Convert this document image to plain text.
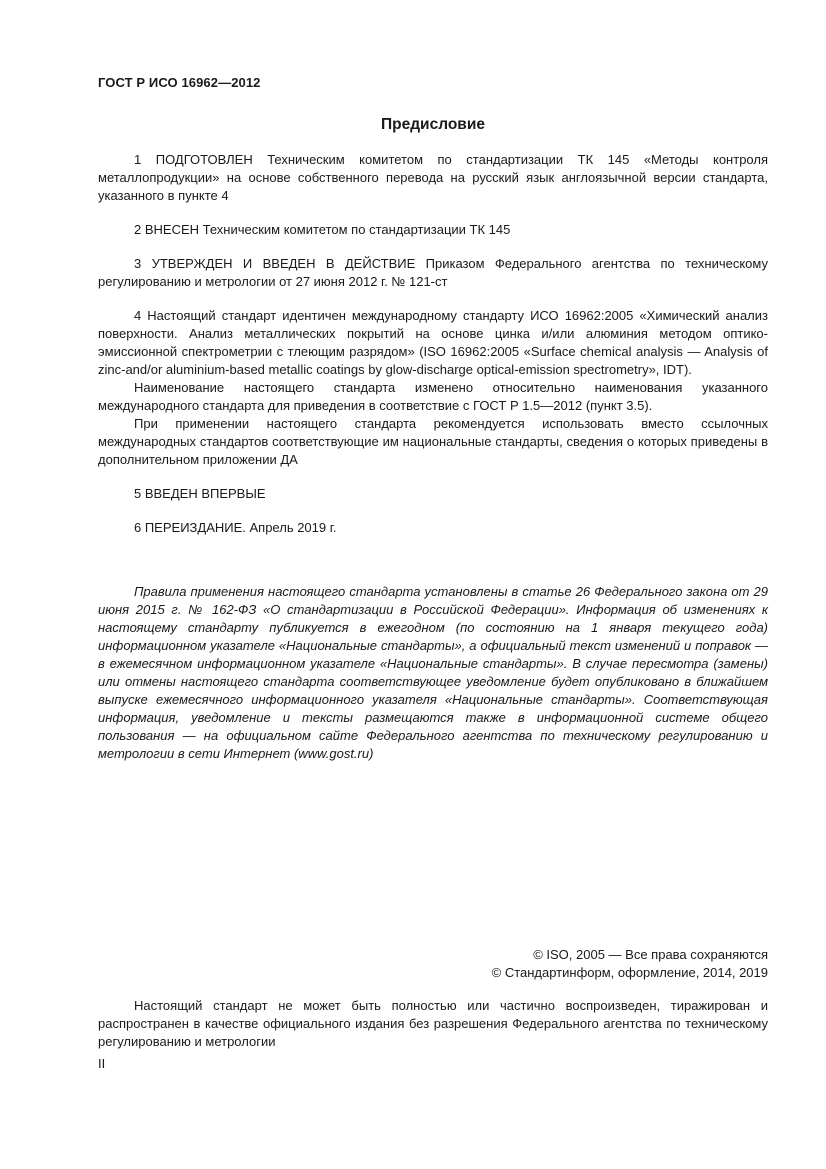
ГОСТ Р ИСО 16962—2012
Предисловие

1 ПОДГОТОВЛЕН Техническим комитетом по стандартизации ТК 145 «Методы контроля металлопродукции» на основе собственного перевода на русский язык англоязычной версии стандарта, указанного в пункте 4

2 ВНЕСЕН Техническим комитетом по стандартизации ТК 145

3 УТВЕРЖДЕН И ВВЕДЕН В ДЕЙСТВИЕ Приказом Федерального агентства по техническому регулированию и метрологии от 27 июня 2012 г. № 121-ст

4 Настоящий стандарт идентичен международному стандарту ИСО 16962:2005 «Химический анализ поверхности. Анализ металлических покрытий на основе цинка и/или алюминия методом оптико-эмиссионной спектрометрии с тлеющим разрядом» (ISO 16962:2005 «Surface chemical analysis — Analysis of zinc-and/or aluminium-based metallic coatings by glow-discharge optical-emission spectrometry», IDT).

Наименование настоящего стандарта изменено относительно наименования указанного международного стандарта для приведения в соответствие с ГОСТ Р 1.5—2012 (пункт 3.5).

При применении настоящего стандарта рекомендуется использовать вместо ссылочных международных стандартов соответствующие им национальные стандарты, сведения о которых приведены в дополнительном приложении ДА

5 ВВЕДЕН ВПЕРВЫЕ

6 ПЕРЕИЗДАНИЕ. Апрель 2019 г.

Правила применения настоящего стандарта установлены в статье 26 Федерального закона от 29 июня 2015 г. № 162-ФЗ «О стандартизации в Российской Федерации». Информация об изменениях к настоящему стандарту публикуется в ежегодном (по состоянию на 1 января текущего года) информационном указателе «Национальные стандарты», а официальный текст изменений и поправок — в ежемесячном информационном указателе «Национальные стандарты». В случае пересмотра (замены) или отмены настоящего стандарта соответствующее уведомление будет опубликовано в ближайшем выпуске ежемесячного информационного указателя «Национальные стандарты». Соответствующая информация, уведомление и тексты размещаются также в информационной системе общего пользования — на официальном сайте Федерального агентства по техническому регулированию и метрологии в сети Интернет (www.gost.ru)

© ISO, 2005 — Все права сохраняются
© Стандартинформ, оформление, 2014, 2019

Настоящий стандарт не может быть полностью или частично воспроизведен, тиражирован и распространен в качестве официального издания без разрешения Федерального агентства по техническому регулированию и метрологии

II
